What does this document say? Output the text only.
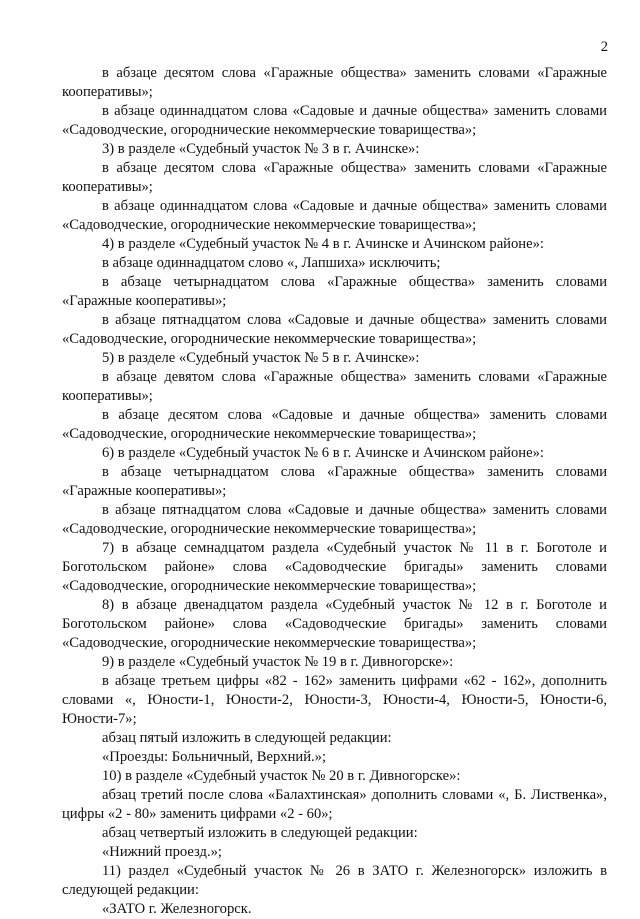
2

в абзаце десятом слова «Гаражные общества» заменить словами «Гаражные кооперативы»;

в абзаце одиннадцатом слова «Садовые и дачные общества» заменить словами «Садоводческие, огороднические некоммерческие товарищества»;

3) в разделе «Судебный участок № 3 в г. Ачинске»:

в абзаце десятом слова «Гаражные общества» заменить словами «Гаражные кооперативы»;

в абзаце одиннадцатом слова «Садовые и дачные общества» заменить словами «Садоводческие, огороднические некоммерческие товарищества»;

4) в разделе «Судебный участок № 4 в г. Ачинске и Ачинском районе»:

в абзаце одиннадцатом слово «, Лапшиха» исключить;

в абзаце четырнадцатом слова «Гаражные общества» заменить словами «Гаражные кооперативы»;

в абзаце пятнадцатом слова «Садовые и дачные общества» заменить словами «Садоводческие, огороднические некоммерческие товарищества»;

5) в разделе «Судебный участок № 5 в г. Ачинске»:

в абзаце девятом слова «Гаражные общества» заменить словами «Гаражные кооперативы»;

в абзаце десятом слова «Садовые и дачные общества» заменить словами «Садоводческие, огороднические некоммерческие товарищества»;

6) в разделе «Судебный участок № 6 в г. Ачинске и Ачинском районе»:

в абзаце четырнадцатом слова «Гаражные общества» заменить словами «Гаражные кооперативы»;

в абзаце пятнадцатом слова «Садовые и дачные общества» заменить словами «Садоводческие, огороднические некоммерческие товарищества»;

7) в абзаце семнадцатом раздела «Судебный участок № 11 в г. Боготоле и Боготольском районе» слова «Садоводческие бригады» заменить словами «Садоводческие, огороднические некоммерческие товарищества»;

8) в абзаце двенадцатом раздела «Судебный участок № 12 в г. Боготоле и Боготольском районе» слова «Садоводческие бригады» заменить словами «Садоводческие, огороднические некоммерческие товарищества»;

9) в разделе «Судебный участок № 19 в г. Дивногорске»:

в абзаце третьем цифры «82 - 162» заменить цифрами «62 - 162», дополнить словами «, Юности-1, Юности-2, Юности-3, Юности-4, Юности-5, Юности-6, Юности-7»;

абзац пятый изложить в следующей редакции:

«Проезды: Больничный, Верхний.»;

10) в разделе «Судебный участок № 20 в г. Дивногорске»:

абзац третий после слова «Балахтинская» дополнить словами «, Б. Лиственка», цифры «2 - 80» заменить цифрами «2 - 60»;

абзац четвертый изложить в следующей редакции:

«Нижний проезд.»;

11) раздел «Судебный участок № 26 в ЗАТО г. Железногорск» изложить в следующей редакции:

«ЗАТО г. Железногорск.
